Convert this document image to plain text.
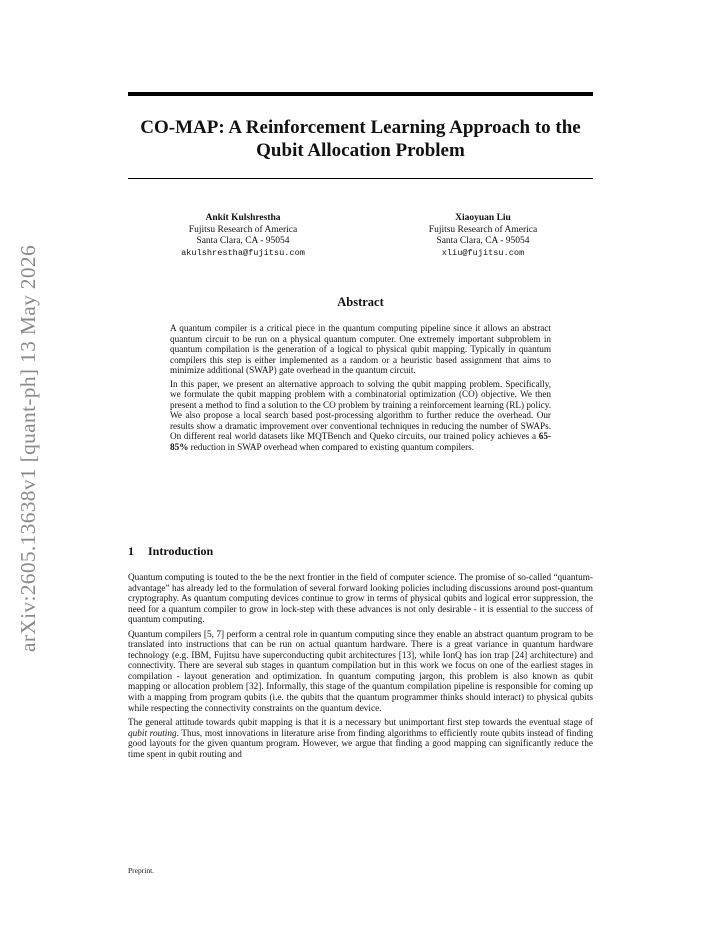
arXiv:2605.13638v1 [quant-ph] 13 May 2026
CO-MAP: A Reinforcement Learning Approach to the Qubit Allocation Problem
Ankit Kulshrestha
Fujitsu Research of America
Santa Clara, CA - 95054
akulshrestha@fujitsu.com
Xiaoyuan Liu
Fujitsu Research of America
Santa Clara, CA - 95054
xliu@fujitsu.com
Abstract

A quantum compiler is a critical piece in the quantum computing pipeline since it allows an abstract quantum circuit to be run on a physical quantum computer. One extremely important subproblem in quantum compilation is the generation of a logical to physical qubit mapping. Typically in quantum compilers this step is either implemented as a random or a heuristic based assignment that aims to minimize additional (SWAP) gate overhead in the quantum circuit.

In this paper, we present an alternative approach to solving the qubit mapping problem. Specifically, we formulate the qubit mapping problem with a combinatorial optimization (CO) objective. We then present a method to find a solution to the CO problem by training a reinforcement learning (RL) policy. We also propose a local search based post-processing algorithm to further reduce the overhead. Our results show a dramatic improvement over conventional techniques in reducing the number of SWAPs. On different real world datasets like MQTBench and Queko circuits, our trained policy achieves a 65-85% reduction in SWAP overhead when compared to existing quantum compilers.

1 Introduction

Quantum computing is touted to the be the next frontier in the field of computer science. The promise of so-called “quantum-advantage” has already led to the formulation of several forward looking policies including discussions around post-quantum cryptography. As quantum computing devices continue to grow in terms of physical qubits and logical error suppression, the need for a quantum compiler to grow in lock-step with these advances is not only desirable - it is essential to the success of quantum computing.

Quantum compilers [5, 7] perform a central role in quantum computing since they enable an abstract quantum program to be translated into instructions that can be run on actual quantum hardware. There is a great variance in quantum hardware technology (e.g. IBM, Fujitsu have superconducting qubit architectures [13], while IonQ has ion trap [24] architecture) and connectivity. There are several sub stages in quantum compilation but in this work we focus on one of the earliest stages in compilation - layout generation and optimization. In quantum computing jargon, this problem is also known as qubit mapping or allocation problem [32]. Informally, this stage of the quantum compilation pipeline is responsible for coming up with a mapping from program qubits (i.e. the qubits that the quantum programmer thinks should interact) to physical qubits while respecting the connectivity constraints on the quantum device.

The general attitude towards qubit mapping is that it is a necessary but unimportant first step towards the eventual stage of qubit routing. Thus, most innovations in literature arise from finding algorithms to efficiently route qubits instead of finding good layouts for the given quantum program. However, we argue that finding a good mapping can significantly reduce the time spent in qubit routing and

Preprint.
